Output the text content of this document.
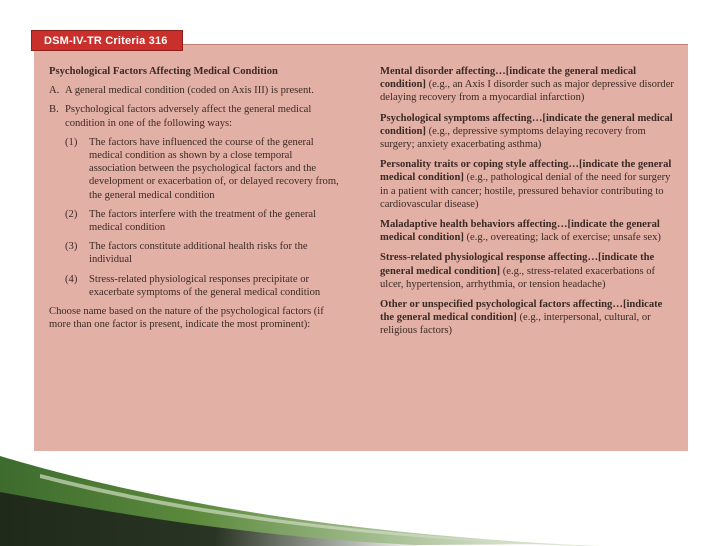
Psychological Factors Affecting Medical Condition
A. A general medical condition (coded on Axis III) is present.
B. Psychological factors adversely affect the general medical condition in one of the following ways:
(1) The factors have influenced the course of the general medical condition as shown by a close temporal association between the psychological factors and the development or exacerbation of, or delayed recovery from, the general medical condition
(2) The factors interfere with the treatment of the general medical condition
(3) The factors constitute additional health risks for the individual
(4) Stress-related physiological responses precipitate or exacerbate symptoms of the general medical condition
Choose name based on the nature of the psychological factors (if more than one factor is present, indicate the most prominent):
Mental disorder affecting…[indicate the general medical condition] (e.g., an Axis I disorder such as major depressive disorder delaying recovery from a myocardial infarction)
Psychological symptoms affecting…[indicate the general medical condition] (e.g., depressive symptoms delaying recovery from surgery; anxiety exacerbating asthma)
Personality traits or coping style affecting…[indicate the general medical condition] (e.g., pathological denial of the need for surgery in a patient with cancer; hostile, pressured behavior contributing to cardiovascular disease)
Maladaptive health behaviors affecting…[indicate the general medical condition] (e.g., overeating; lack of exercise; unsafe sex)
Stress-related physiological response affecting…[indicate the general medical condition] (e.g., stress-related exacerbations of ulcer, hypertension, arrhythmia, or tension headache)
Other or unspecified psychological factors affecting…[indicate the general medical condition] (e.g., interpersonal, cultural, or religious factors)
DSM-IV-TR Criteria 316
